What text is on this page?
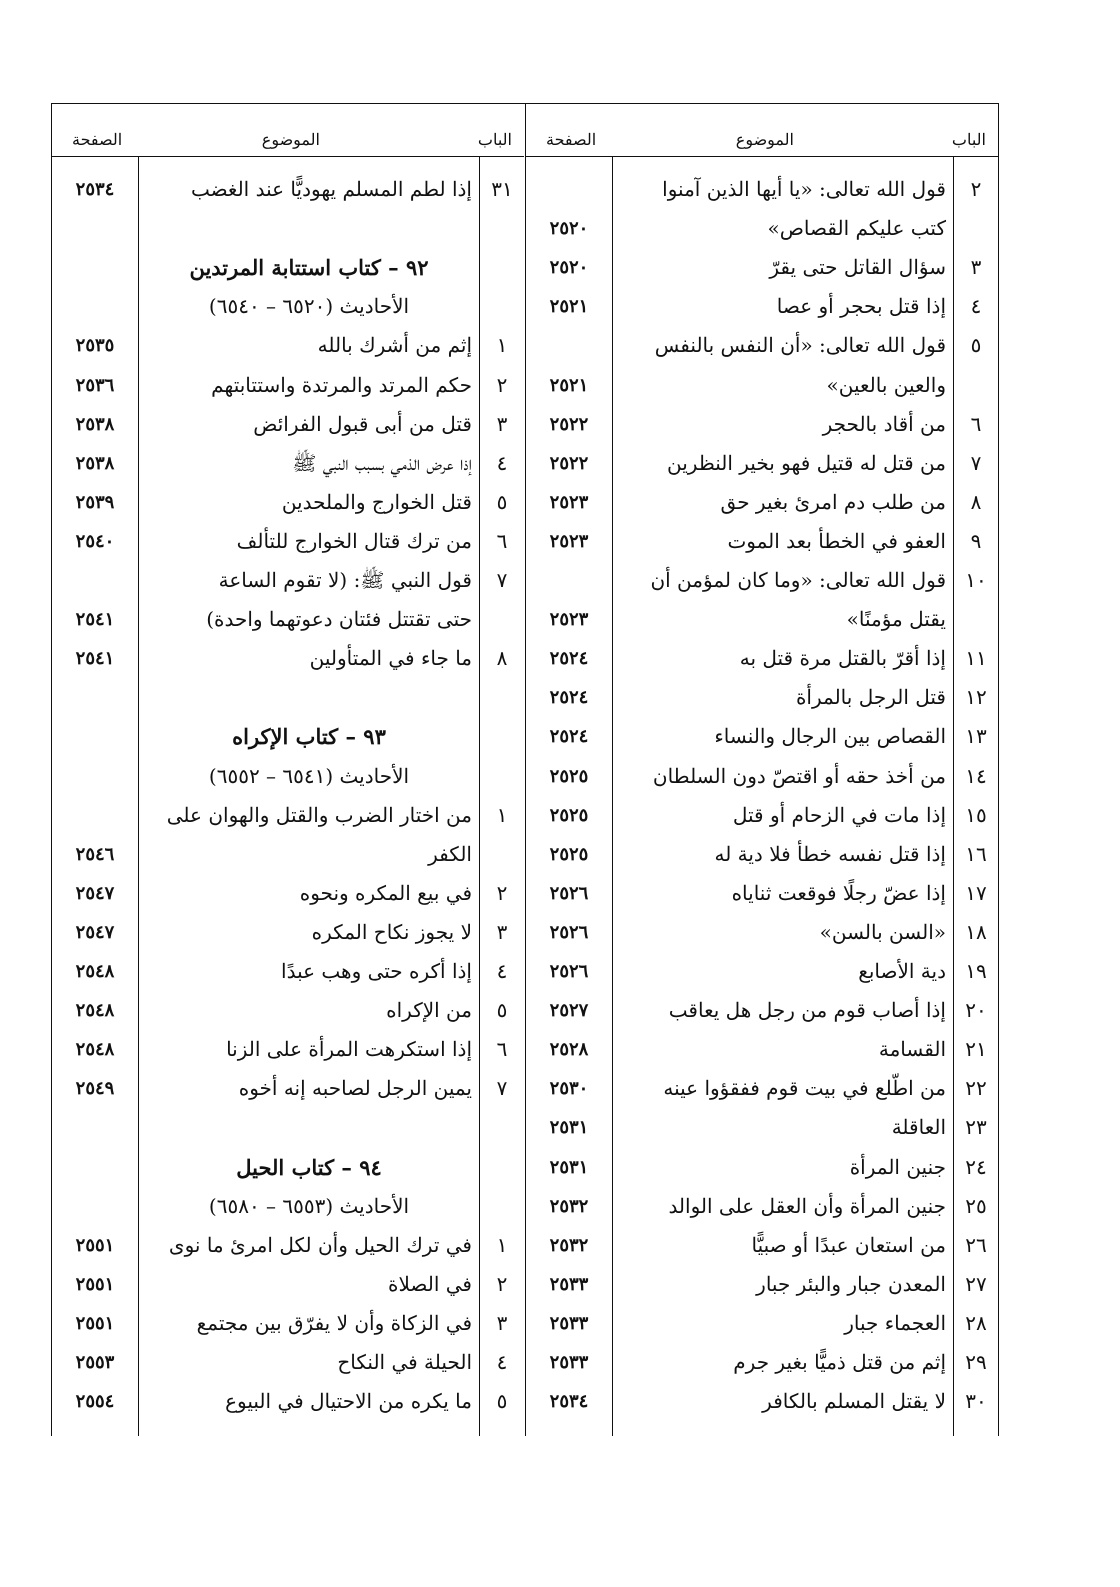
الباب
الموضوع
الصفحة
٢
قول الله تعالى: «يا أيها الذين آمنوا
كتب عليكم القصاص»
٢٥٢٠
٣
سؤال القاتل حتى يقرّ
٢٥٢٠
٤
إذا قتل بحجر أو عصا
٢٥٢١
٥
قول الله تعالى: «أن النفس بالنفس
والعين بالعين»
٢٥٢١
٦
من أقاد بالحجر
٢٥٢٢
٧
من قتل له قتيل فهو بخير النظرين
٢٥٢٢
٨
من طلب دم امرئ بغير حق
٢٥٢٣
٩
العفو في الخطأ بعد الموت
٢٥٢٣
١٠
قول الله تعالى: «وما كان لمؤمن أن
يقتل مؤمنًا»
٢٥٢٣
١١
إذا أقرّ بالقتل مرة قتل به
٢٥٢٤
١٢
قتل الرجل بالمرأة
٢٥٢٤
١٣
القصاص بين الرجال والنساء
٢٥٢٤
١٤
من أخذ حقه أو اقتصّ دون السلطان
٢٥٢٥
١٥
إذا مات في الزحام أو قتل
٢٥٢٥
١٦
إذا قتل نفسه خطأ فلا دية له
٢٥٢٥
١٧
إذا عضّ رجلًا فوقعت ثناياه
٢٥٢٦
١٨
«السن بالسن»
٢٥٢٦
١٩
دية الأصابع
٢٥٢٦
٢٠
إذا أصاب قوم من رجل هل يعاقب
٢٥٢٧
٢١
القسامة
٢٥٢٨
٢٢
من اطّلع في بيت قوم ففقؤوا عينه
٢٥٣٠
٢٣
العاقلة
٢٥٣١
٢٤
جنين المرأة
٢٥٣١
٢٥
جنين المرأة وأن العقل على الوالد
٢٥٣٢
٢٦
من استعان عبدًا أو صبيًّا
٢٥٣٢
٢٧
المعدن جبار والبئر جبار
٢٥٣٣
٢٨
العجماء جبار
٢٥٣٣
٢٩
إثم من قتل ذميًّا بغير جرم
٢٥٣٣
٣٠
لا يقتل المسلم بالكافر
٢٥٣٤
الباب
الموضوع
الصفحة
٣١
إذا لطم المسلم يهوديًّا عند الغضب
٢٥٣٤
٩٢ – كتاب استتابة المرتدين
الأحاديث (٦٥٢٠ – ٦٥٤٠)
١
إثم من أشرك بالله
٢٥٣٥
٢
حكم المرتد والمرتدة واستتابتهم
٢٥٣٦
٣
قتل من أبى قبول الفرائض
٢٥٣٨
٤
إذا عرض الذمي بسبب النبي ﷺ
٢٥٣٨
٥
قتل الخوارج والملحدين
٢٥٣٩
٦
من ترك قتال الخوارج للتألف
٢٥٤٠
٧
قول النبي ﷺ: (لا تقوم الساعة
حتى تقتتل فئتان دعوتهما واحدة)
٢٥٤١
٨
ما جاء في المتأولين
٢٥٤١
٩٣ – كتاب الإكراه
الأحاديث (٦٥٤١ – ٦٥٥٢)
١
من اختار الضرب والقتل والهوان على
الكفر
٢٥٤٦
٢
في بيع المكره ونحوه
٢٥٤٧
٣
لا يجوز نكاح المكره
٢٥٤٧
٤
إذا أكره حتى وهب عبدًا
٢٥٤٨
٥
من الإكراه
٢٥٤٨
٦
إذا استكرهت المرأة على الزنا
٢٥٤٨
٧
يمين الرجل لصاحبه إنه أخوه
٢٥٤٩
٩٤ – كتاب الحيل
الأحاديث (٦٥٥٣ – ٦٥٨٠)
١
في ترك الحيل وأن لكل امرئ ما نوى
٢٥٥١
٢
في الصلاة
٢٥٥١
٣
في الزكاة وأن لا يفرّق بين مجتمع
٢٥٥١
٤
الحيلة في النكاح
٢٥٥٣
٥
ما يكره من الاحتيال في البيوع
٢٥٥٤
